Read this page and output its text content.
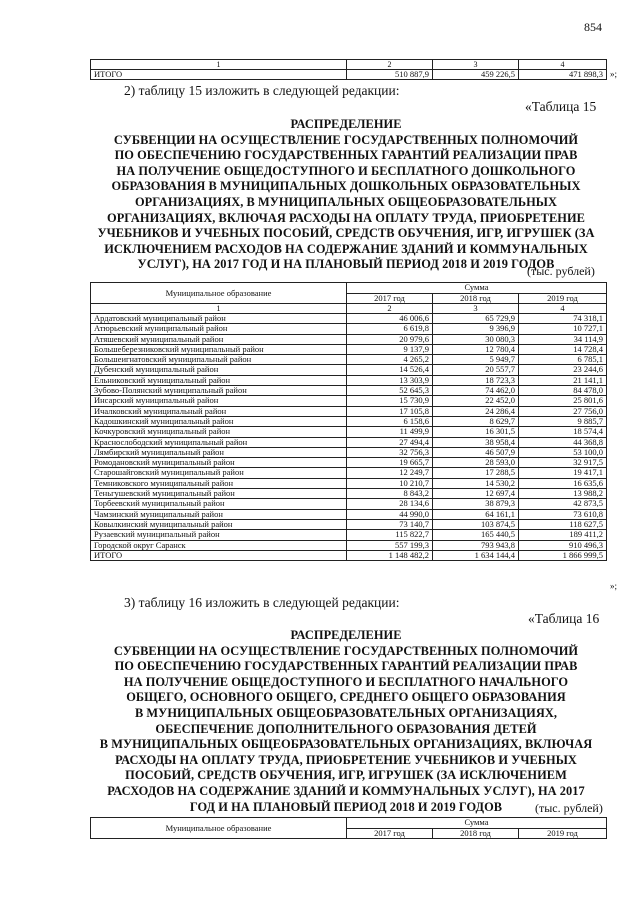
854
1	2	3	4
ИТОГО	510 887,9	459 226,5	471 898,3 »;
2) таблицу 15 изложить в следующей редакции:
«Таблица 15
РАСПРЕДЕЛЕНИЕ
СУБВЕНЦИИ НА ОСУЩЕСТВЛЕНИЕ ГОСУДАРСТВЕННЫХ ПОЛНОМОЧИЙ
ПО ОБЕСПЕЧЕНИЮ ГОСУДАРСТВЕННЫХ ГАРАНТИЙ РЕАЛИЗАЦИИ ПРАВ
НА ПОЛУЧЕНИЕ ОБЩЕДОСТУПНОГО И БЕСПЛАТНОГО ДОШКОЛЬНОГО
ОБРАЗОВАНИЯ В МУНИЦИПАЛЬНЫХ ДОШКОЛЬНЫХ ОБРАЗОВАТЕЛЬНЫХ
ОРГАНИЗАЦИЯХ, В МУНИЦИПАЛЬНЫХ ОБЩЕОБРАЗОВАТЕЛЬНЫХ
ОРГАНИЗАЦИЯХ, ВКЛЮЧАЯ РАСХОДЫ НА ОПЛАТУ ТРУДА, ПРИОБРЕТЕНИЕ
УЧЕБНИКОВ И УЧЕБНЫХ ПОСОБИЙ, СРЕДСТВ ОБУЧЕНИЯ, ИГР, ИГРУШЕК (ЗА
ИСКЛЮЧЕНИЕМ РАСХОДОВ НА СОДЕРЖАНИЕ ЗДАНИЙ И КОММУНАЛЬНЫХ
УСЛУГ), НА 2017 ГОД И НА ПЛАНОВЫЙ ПЕРИОД 2018 И 2019 ГОДОВ
(тыс. рублей)
Муниципальное образование	Сумма		
	2017 год	2018 год	2019 год
1	2	3	4
Ардатовский муниципальный район	46 006,6	65 729,9	74 318,1
Атюрьевский муниципальный район	6 619,8	9 396,9	10 727,1
Атяшевский муниципальный район	20 979,6	30 080,3	34 114,9
Большеберезниковский муниципальный район	9 137,9	12 780,4	14 728,4
Большеигнатовский муниципальный район	4 265,2	5 949,7	6 785,1
Дубенский муниципальный район	14 526,4	20 557,7	23 244,6
Ельниковский муниципальный район	13 303,9	18 723,3	21 141,1
Зубово-Полянский муниципальный район	52 645,3	74 462,0	84 478,0
Инсарский муниципальный район	15 730,9	22 452,0	25 801,6
Ичалковский муниципальный район	17 105,8	24 286,4	27 756,0
Кадошкинский муниципальный район	6 158,6	8 629,7	9 885,7
Кочкуровский муниципальный район	11 499,9	16 301,5	18 574,4
Краснослободский муниципальный район	27 494,4	38 958,4	44 368,8
Лямбирский муниципальный район	32 756,3	46 507,9	53 100,0
Ромодановский муниципальный район	19 665,7	28 593,0	32 917,5
Старошайговский муниципальный район	12 249,7	17 288,5	19 417,1
Темниковского муниципальный район	10 210,7	14 530,2	16 635,6
Теньгушевский муниципальный район	8 843,2	12 697,4	13 988,2
Торбеевский муниципальный район	28 134,6	38 879,3	42 873,5
Чамзинский муниципальный район	44 990,0	64 161,1	73 610,8
Ковылкинский муниципальный район	73 140,7	103 874,5	118 627,5
Рузаевский муниципальный район	115 822,7	165 440,5	189 411,2
Городской округ Саранск	557 199,3	793 943,8	910 496,3
ИТОГО	1 148 482,2	1 634 144,4	1 866 999,5
»;
3) таблицу 16 изложить в следующей редакции:
«Таблица 16
РАСПРЕДЕЛЕНИЕ
СУБВЕНЦИИ НА ОСУЩЕСТВЛЕНИЕ ГОСУДАРСТВЕННЫХ ПОЛНОМОЧИЙ
ПО ОБЕСПЕЧЕНИЮ ГОСУДАРСТВЕННЫХ ГАРАНТИЙ РЕАЛИЗАЦИИ ПРАВ
НА ПОЛУЧЕНИЕ ОБЩЕДОСТУПНОГО И БЕСПЛАТНОГО НАЧАЛЬНОГО
ОБЩЕГО, ОСНОВНОГО ОБЩЕГО, СРЕДНЕГО ОБЩЕГО ОБРАЗОВАНИЯ
В МУНИЦИПАЛЬНЫХ ОБЩЕОБРАЗОВАТЕЛЬНЫХ ОРГАНИЗАЦИЯХ,
ОБЕСПЕЧЕНИЕ ДОПОЛНИТЕЛЬНОГО ОБРАЗОВАНИЯ ДЕТЕЙ
В МУНИЦИПАЛЬНЫХ ОБЩЕОБРАЗОВАТЕЛЬНЫХ ОРГАНИЗАЦИЯХ, ВКЛЮЧАЯ
РАСХОДЫ НА ОПЛАТУ ТРУДА, ПРИОБРЕТЕНИЕ УЧЕБНИКОВ И УЧЕБНЫХ
ПОСОБИЙ, СРЕДСТВ ОБУЧЕНИЯ, ИГР, ИГРУШЕК (ЗА ИСКЛЮЧЕНИЕМ
РАСХОДОВ НА СОДЕРЖАНИЕ ЗДАНИЙ И КОММУНАЛЬНЫХ УСЛУГ), НА 2017
ГОД И НА ПЛАНОВЫЙ ПЕРИОД 2018 И 2019 ГОДОВ	(тыс. рублей)
Муниципальное образование	Сумма		
	2017 год	2018 год	2019 год
